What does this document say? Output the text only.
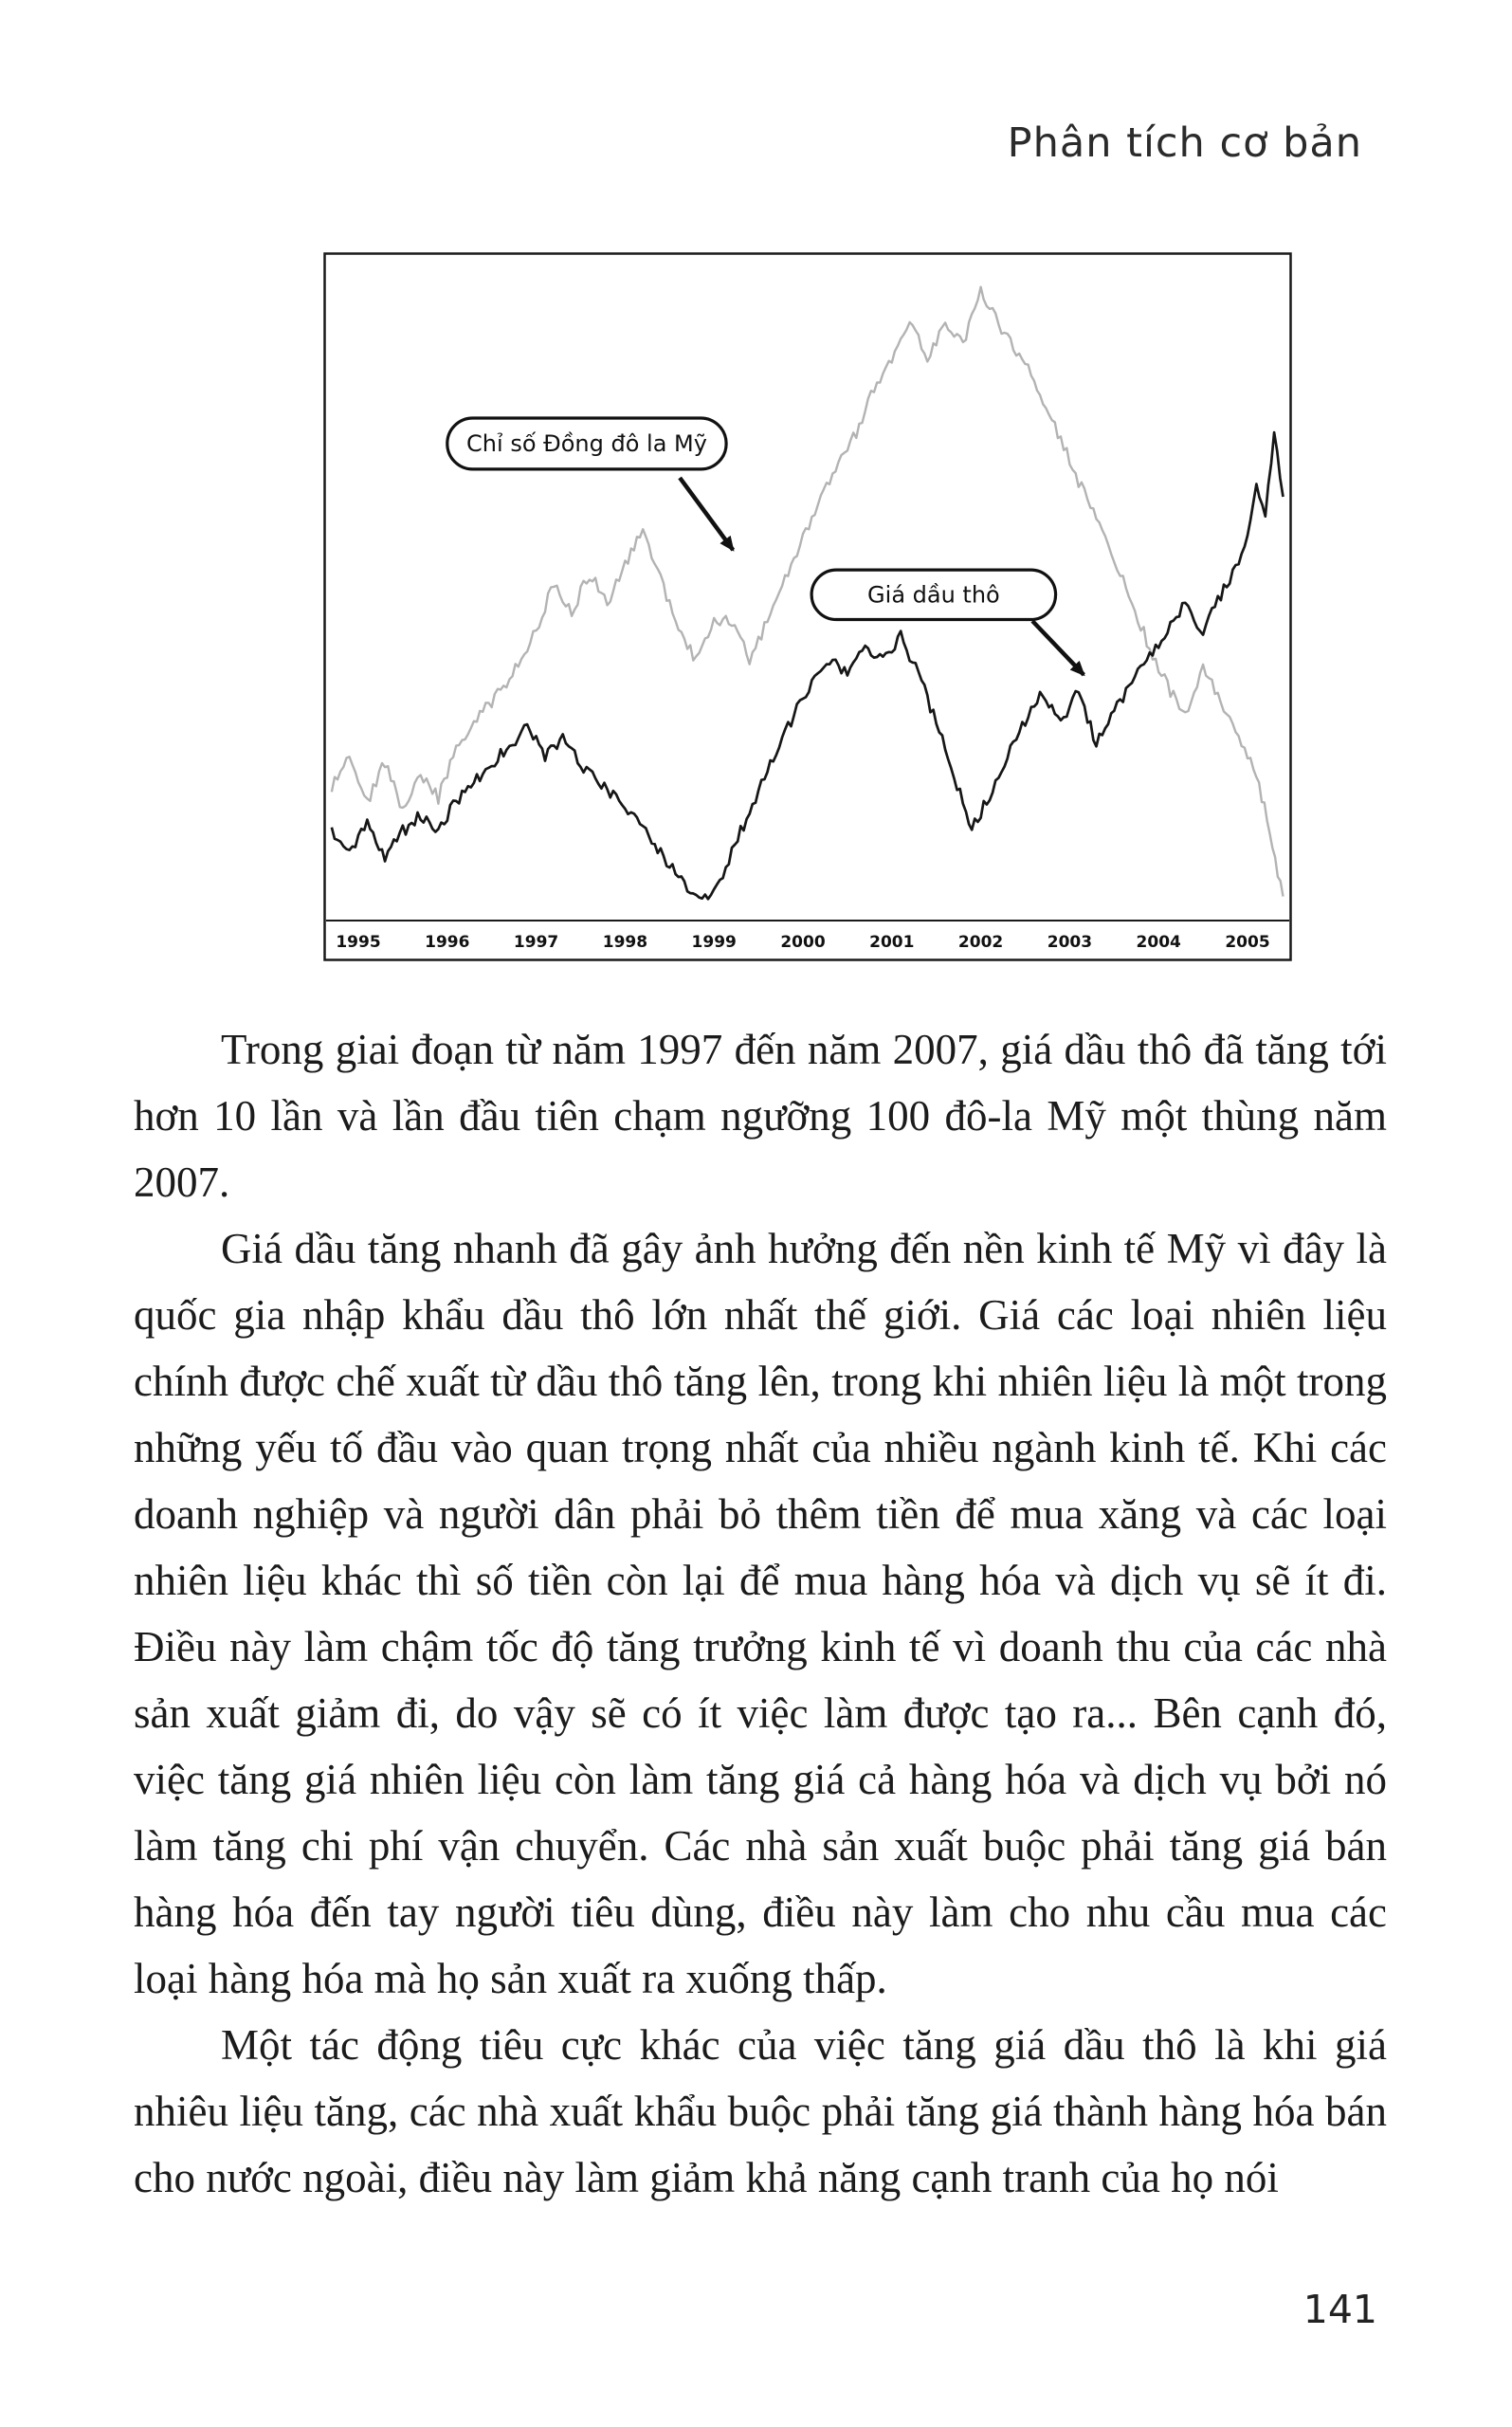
Phân tích cơ bản
1995	1996	1997	1998	1999	2000	2001	2002	2003	2004	2005
Chỉ số Đồng đô la Mỹ
Giá dầu thô

Trong giai đoạn từ năm 1997 đến năm 2007, giá dầu thô đã tăng tới hơn 10 lần và lần đầu tiên chạm ngưỡng 100 đô-la Mỹ một thùng năm 2007.

Giá dầu tăng nhanh đã gây ảnh hưởng đến nền kinh tế Mỹ vì đây là quốc gia nhập khẩu dầu thô lớn nhất thế giới. Giá các loại nhiên liệu chính được chế xuất từ dầu thô tăng lên, trong khi nhiên liệu là một trong những yếu tố đầu vào quan trọng nhất của nhiều ngành kinh tế. Khi các doanh nghiệp và người dân phải bỏ thêm tiền để mua xăng và các loại nhiên liệu khác thì số tiền còn lại để mua hàng hóa và dịch vụ sẽ ít đi. Điều này làm chậm tốc độ tăng trưởng kinh tế vì doanh thu của các nhà sản xuất giảm đi, do vậy sẽ có ít việc làm được tạo ra... Bên cạnh đó, việc tăng giá nhiên liệu còn làm tăng giá cả hàng hóa và dịch vụ bởi nó làm tăng chi phí vận chuyển. Các nhà sản xuất buộc phải tăng giá bán hàng hóa đến tay người tiêu dùng, điều này làm cho nhu cầu mua các loại hàng hóa mà họ sản xuất ra xuống thấp.

Một tác động tiêu cực khác của việc tăng giá dầu thô là khi giá nhiêu liệu tăng, các nhà xuất khẩu buộc phải tăng giá thành hàng hóa bán cho nước ngoài, điều này làm giảm khả năng cạnh tranh của họ nói

141
